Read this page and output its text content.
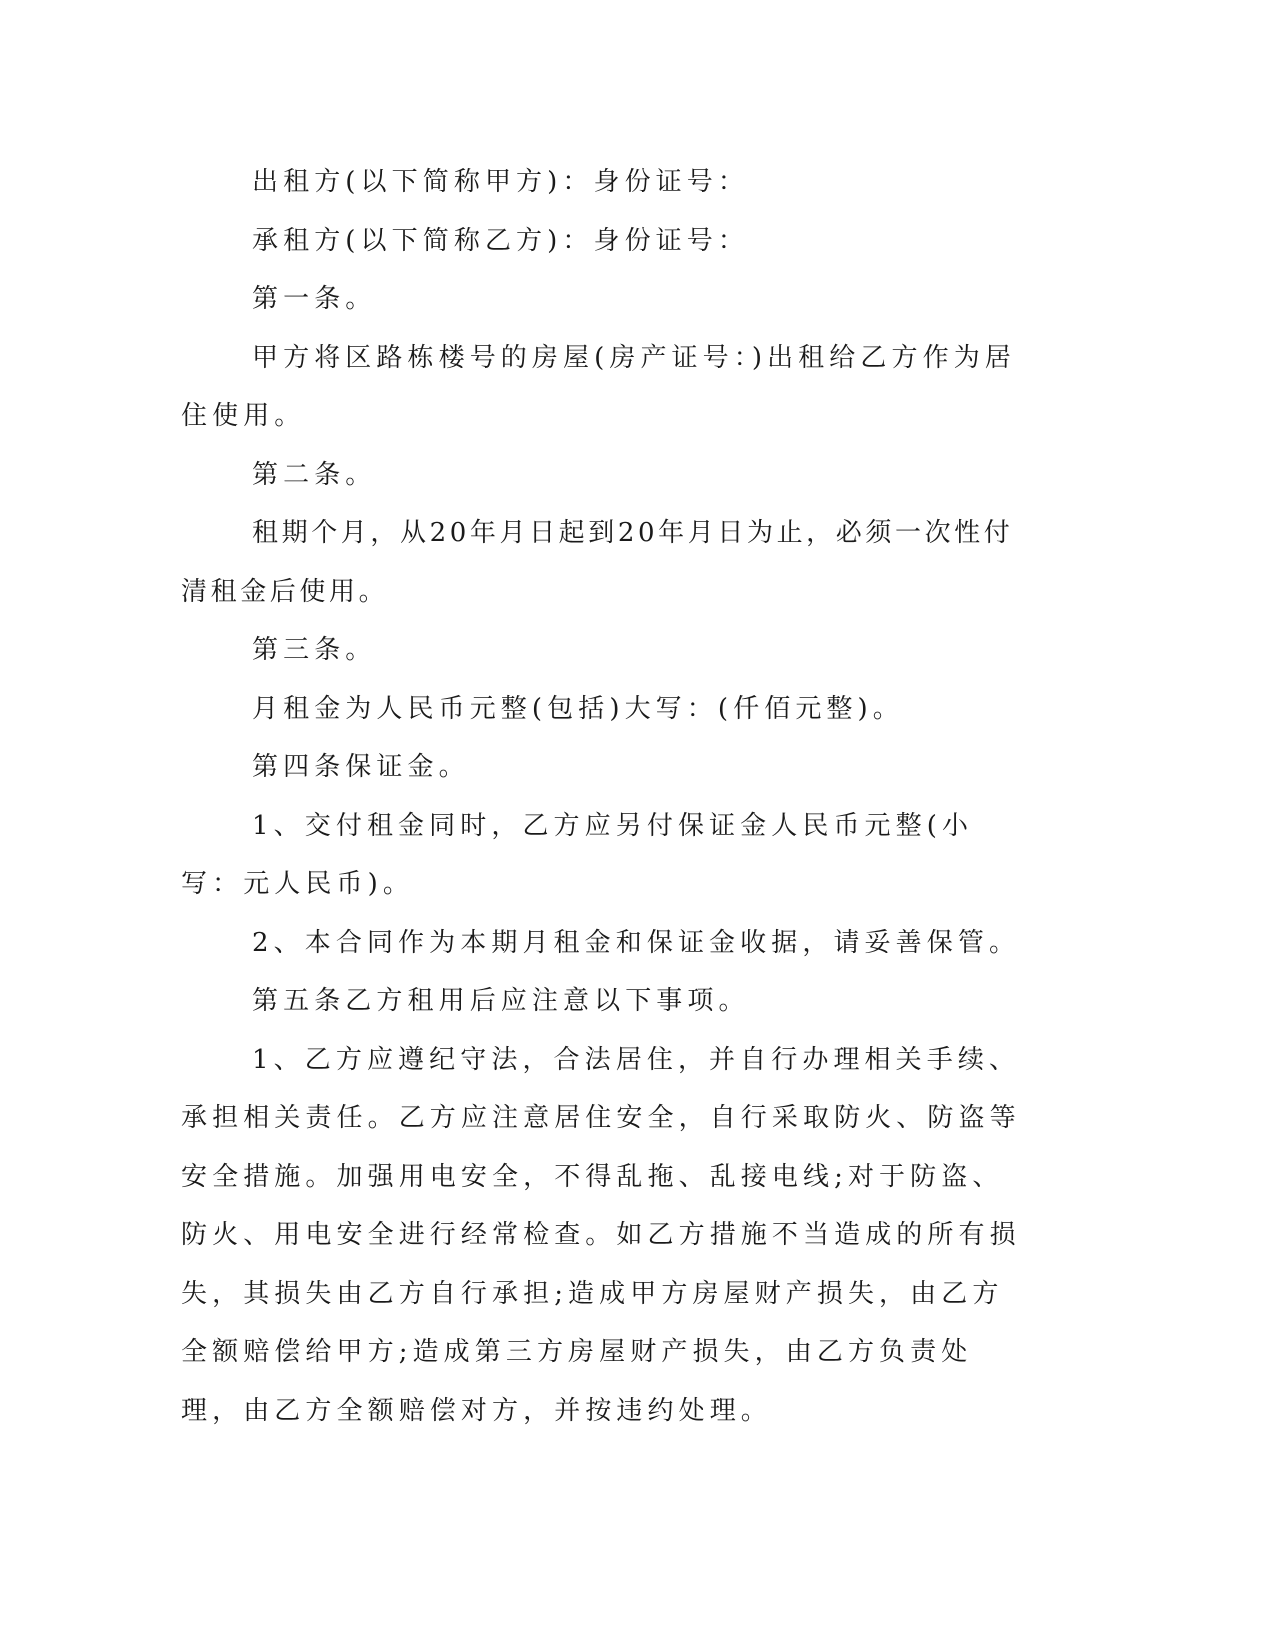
出租方(以下简称甲方)：身份证号：

承租方(以下简称乙方)：身份证号：

第一条。

甲方将区路栋楼号的房屋(房产证号：)出租给乙方作为居住使用。

第二条。

租期个月，从20年月日起到20年月日为止，必须一次性付清租金后使用。

第三条。

月租金为人民币元整(包括)大写：(仟佰元整)。

第四条保证金。

1、交付租金同时，乙方应另付保证金人民币元整(小写：元人民币)。

2、本合同作为本期月租金和保证金收据，请妥善保管。

第五条乙方租用后应注意以下事项。

1、乙方应遵纪守法，合法居住，并自行办理相关手续、承担相关责任。乙方应注意居住安全，自行采取防火、防盗等安全措施。加强用电安全，不得乱拖、乱接电线;对于防盗、防火、用电安全进行经常检查。如乙方措施不当造成的所有损失，其损失由乙方自行承担;造成甲方房屋财产损失，由乙方全额赔偿给甲方;造成第三方房屋财产损失，由乙方负责处理，由乙方全额赔偿对方，并按违约处理。
